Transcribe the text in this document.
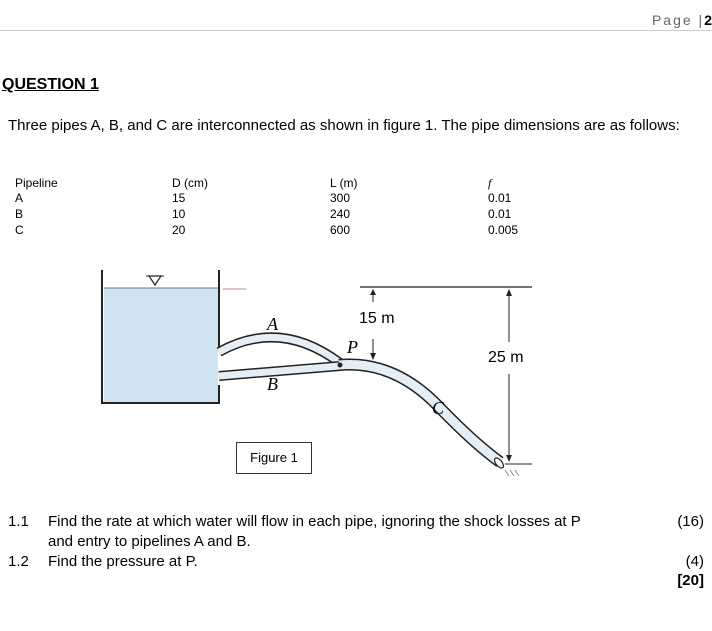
Page |2
QUESTION 1
Three pipes A, B, and C are interconnected as shown in figure 1. The pipe dimensions are as follows:
Pipeline	D (cm)	L (m)	f
A	15	300	0.01
B	10	240	0.01
C	20	600	0.005
A
B
C
P
15 m
25 m
Figure 1
1.1 Find the rate at which water will flow in each pipe, ignoring the shock losses at P
and entry to pipelines A and B.
(16)
1.2 Find the pressure at P.	(4)
[20]
